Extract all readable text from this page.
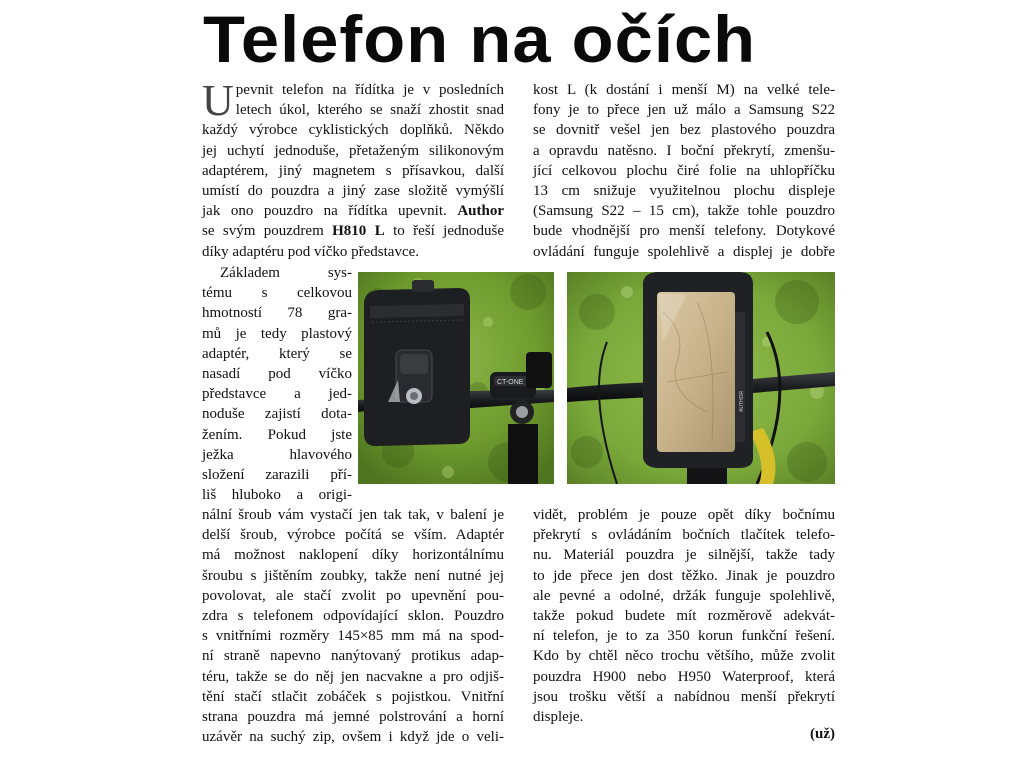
Telefon na očích
U pevnit telefon na řídítka je v posledních
letech úkol, kterého se snaží zhostit snad
každý výrobce cyklistických doplňků. Někdo
jej uchytí jednoduše, přetaženým silikonovým
adaptérem, jiný magnetem s přísavkou, další
umístí do pouzdra a jiný zase složitě vymýšlí
jak ono pouzdro na řídítka upevnit. Author
se svým pouzdrem H810 L to řeší jednoduše
díky adaptéru pod víčko představce.
Základem sys-
tému s celkovou
hmotností 78 gra-
mů je tedy plastový
adaptér, který se
nasadí pod víčko
představce a jed-
noduše zajistí dota-
žením. Pokud jste
ježka hlavového
složení zarazili pří-
liš hluboko a origi-
nální šroub vám vystačí jen tak tak, v balení je
delší šroub, výrobce počítá se vším. Adaptér
má možnost naklopení díky horizontálnímu
šroubu s jištěním zoubky, takže není nutné jej
povolovat, ale stačí zvolit po upevnění pou-
zdra s telefonem odpovídající sklon. Pouzdro
s vnitřními rozměry 145×85 mm má na spod-
ní straně napevno nanýtovaný protikus adap-
téru, takže se do něj jen nacvakne a pro odjiš-
tění stačí stlačit zobáček s pojistkou. Vnitřní
strana pouzdra má jemné polstrování a horní
uzávěr na suchý zip, ovšem i když jde o veli-
kost L (k dostání i menší M) na velké tele-
fony je to přece jen už málo a Samsung S22
se dovnitř vešel jen bez plastového pouzdra
a opravdu natěsno. I boční překrytí, zmenšu-
jící celkovou plochu čiré folie na uhlopříčku
13 cm snižuje využitelnou plochu displeje
(Samsung S22 – 15 cm), takže tohle pouzdro
bude vhodnější pro menší telefony. Dotykové
ovládání funguje spolehlivě a displej je dobře
vidět, problém je pouze opět díky bočnímu
překrytí s ovládáním bočních tlačítek telefo-
nu. Materiál pouzdra je silnější, takže tady
to jde přece jen dost těžko. Jinak je pouzdro
ale pevné a odolné, držák funguje spolehlivě,
takže pokud budete mít rozměrově adekvát-
ní telefon, je to za 350 korun funkční řešení.
Kdo by chtěl něco trochu většího, může zvolit
pouzdra H900 nebo H950 Waterproof, která
jsou trošku větší a nabídnou menší překrytí
displeje.
CT-ONE
AUTHOR
(už)
